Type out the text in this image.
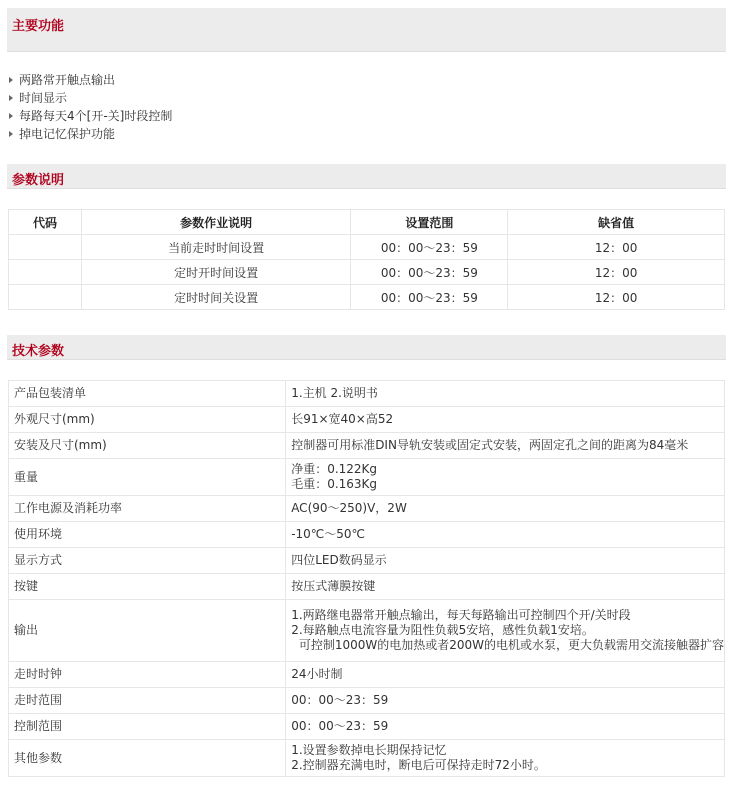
主要功能
两路常开触点输出
时间显示
每路每天4个[开-关]时段控制
掉电记忆保护功能
参数说明
代码	参数作业说明	设置范围	缺省值
	当前走时时间设置	00：00～23：59	12：00
	定时开时间设置	00：00～23：59	12：00
	定时时间关设置	00：00～23：59	12：00
技术参数
产品包装清单	1.主机 2.说明书

外观尺寸(mm)	长91×宽40×高52

安装及尺寸(mm)	控制器可用标准DIN导轨安装或固定式安装，两固定孔之间的距离为84毫米

重量	净重：0.122Kg
毛重：0.163Kg

工作电源及消耗功率	AC(90～250)V，2W

使用环境	-10℃～50℃

显示方式	四位LED数码显示

按键	按压式薄膜按键

输出	1.两路继电器常开触点输出，每天每路输出可控制四个开/关时段
2.每路触点电流容量为阻性负载5安培，感性负载1安培。
可控制1000W的电加热或者200W的电机或水泵，更大负载需用交流接触器扩容

走时时钟	24小时制

走时范围	00：00～23：59

控制范围	00：00～23：59

其他参数	1.设置参数掉电长期保持记忆
2.控制器充满电时，断电后可保持走时72小时。
